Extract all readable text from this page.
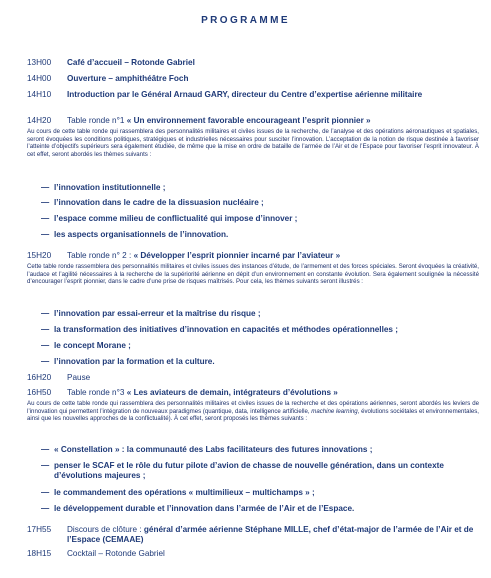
PROGRAMME
13H00 Café d’accueil – Rotonde Gabriel
14H00 Ouverture – amphithéâtre Foch
14H10 Introduction par le Général Arnaud GARY, directeur du Centre d’expertise aérienne militaire
14H20 Table ronde n°1 « Un environnement favorable encourageant l’esprit pionnier »
Au cours de cette table ronde qui rassemblera des personnalités militaires et civiles issues de la recherche, de l’analyse et des opérations aéronautiques et spatiales, seront évoquées les conditions politiques, stratégiques et industrielles nécessaires pour susciter l’innovation. L’acceptation de la notion de risque destinée à favoriser l’atteinte d’objectifs supérieurs sera également étudiée, de même que la mise en ordre de bataille de l’armée de l’Air et de l’Espace pour favoriser l’esprit innovateur. À cet effet, seront abordés les thèmes suivants :
— l’innovation institutionnelle ;
— l’innovation dans le cadre de la dissuasion nucléaire ;
— l’espace comme milieu de conflictualité qui impose d’innover ;
— les aspects organisationnels de l’innovation.
15H20 Table ronde n° 2 : « Développer l’esprit pionnier incarné par l’aviateur »
Cette table ronde rassemblera des personnalités militaires et civiles issues des instances d’étude, de l’armement et des forces spéciales. Seront évoquées la créativité, l’audace et l’agilité nécessaires à la recherche de la supériorité aérienne en dépit d’un environnement en constante évolution. Sera également soulignée la nécessité d’encourager l’esprit pionnier, dans le cadre d’une prise de risques maîtrisés. Pour cela, les thèmes suivants seront illustrés :
— l’innovation par essai-erreur et la maîtrise du risque ;
— la transformation des initiatives d’innovation en capacités et méthodes opérationnelles ;
— le concept Morane ;
— l’innovation par la formation et la culture.
16H20 Pause
16H50 Table ronde n°3 « Les aviateurs de demain, intégrateurs d’évolutions »
Au cours de cette table ronde qui rassemblera des personnalités militaires et civiles issues de la recherche et des opérations aériennes, seront abordés les leviers de l’innovation qui permettent l’intégration de nouveaux paradigmes (quantique, data, intelligence artificielle, machine learning, évolutions sociétales et environnementales, ainsi que les nouvelles approches de la conflictualité). À cet effet, seront proposés les thèmes suivants :
— « Constellation » : la communauté des Labs facilitateurs des futures innovations ;
— penser le SCAF et le rôle du futur pilote d’avion de chasse de nouvelle génération, dans un contexte d’évolutions majeures ;
— le commandement des opérations « multimilieux – multichamps » ;
— le développement durable et l’innovation dans l’armée de l’Air et de l’Espace.
17H55 Discours de clôture : général d’armée aérienne Stéphane MILLE, chef d’état-major de l’armée de l’Air et de l’Espace (CEMAAE)
18H15 Cocktail – Rotonde Gabriel
